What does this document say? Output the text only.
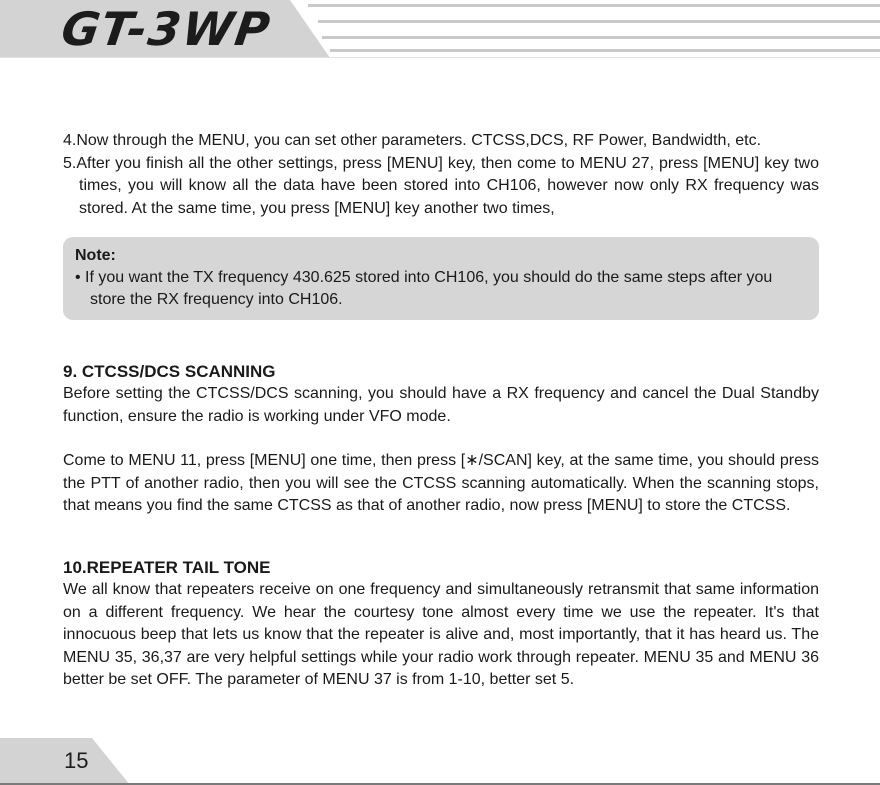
GT-3WP

4.Now through the MENU, you can set other parameters. CTCSS,DCS, RF Power, Bandwidth, etc.

5.After you finish all the other settings, press [MENU] key, then come to MENU 27, press [MENU] key two times, you will know all the data have been stored into CH106, however now only RX frequency was stored. At the same time, you press [MENU] key another two times,

Note:

• If you want the TX frequency 430.625 stored into CH106, you should do the same steps after you store the RX frequency into CH106.

9. CTCSS/DCS SCANNING

Before setting the CTCSS/DCS scanning, you should have a RX frequency and cancel the Dual Standby function, ensure the radio is working under VFO mode.

Come to MENU 11, press [MENU] one time, then press [∗/SCAN] key, at the same time, you should press the PTT of another radio, then you will see the CTCSS scanning automatically. When the scanning stops, that means you find the same CTCSS as that of another radio, now press [MENU] to store the CTCSS.

10.REPEATER TAIL TONE

We all know that repeaters receive on one frequency and simultaneously retransmit that same information on a different frequency. We hear the courtesy tone almost every time we use the repeater. It's that innocuous beep that lets us know that the repeater is alive and, most importantly, that it has heard us. The MENU 35, 36,37 are very helpful settings while your radio work through repeater. MENU 35 and MENU 36 better be set OFF. The parameter of MENU 37 is from 1-10, better set 5.

15
